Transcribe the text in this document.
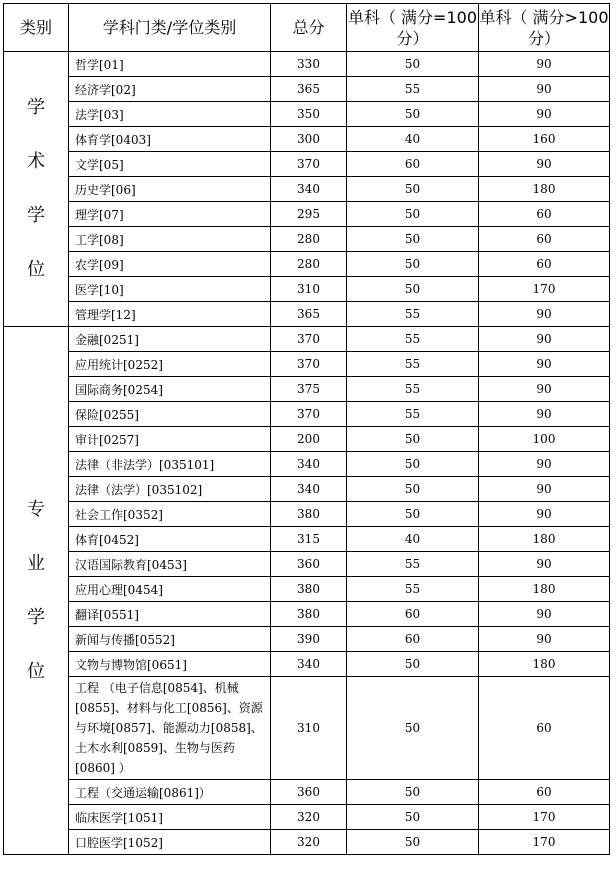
类别	学科门类/学位类别	总分	单科（ 满分=100 分）	单科（ 满分>100 分）
学术学位	哲学[01]	330	50	90
	经济学[02]	365	55	90
	法学[03]	350	50	90
	体育学[0403]	300	40	160
	文学[05]	370	60	90
	历史学[06]	340	50	180
	理学[07]	295	50	60
	工学[08]	280	50	60
	农学[09]	280	50	60
	医学[10]	310	50	170
	管理学[12]	365	55	90
专业学位	金融[0251]	370	55	90
	应用统计[0252]	370	55	90
	国际商务[0254]	375	55	90
	保险[0255]	370	55	90
	审计[0257]	200	50	100
	法律（非法学）[035101]	340	50	90
	法律（法学）[035102]	340	50	90
	社会工作[0352]	380	50	90
	体育[0452]	315	40	180
	汉语国际教育[0453]	360	55	90
	应用心理[0454]	380	55	180
	翻译[0551]	380	60	90
	新闻与传播[0552]	390	60	90
	文物与博物馆[0651]	340	50	180
	工程 （电子信息[0854]、机械[0855]、材料与化工[0856]、资源与环境[0857]、能源动力[0858]、土木水利[0859]、生物与医药[0860] ）	310	50	60
	工程（交通运输[0861]）	360	50	60
	临床医学[1051]	320	50	170
	口腔医学[1052]	320	50	170
